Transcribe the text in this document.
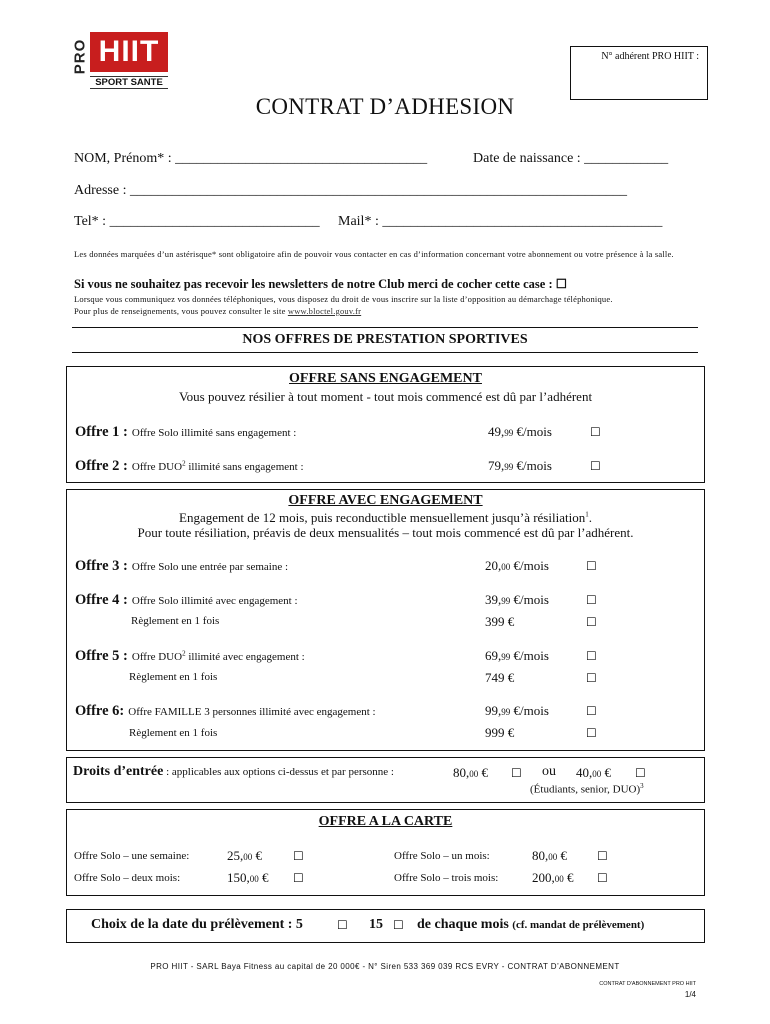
PRO HIIT
SPORT SANTE
N° adhérent PRO HIIT :
CONTRAT D’ADHESION
NOM, Prénom* : ____________________________________	Date de naissance : ____________
Adresse : _______________________________________________________________________
Tel* : ______________________________ Mail* : ________________________________________
Les données marquées d’un astérisque* sont obligatoire afin de pouvoir vous contacter en cas d’information concernant votre abonnement ou votre présence à la salle.
Si vous ne souhaitez pas recevoir les newsletters de notre Club merci de cocher cette case : ☐
Lorsque vous communiquez vos données téléphoniques, vous disposez du droit de vous inscrire sur la liste d’opposition au démarchage téléphonique.
Pour plus de renseignements, vous pouvez consulter le site www.bloctel.gouv.fr
NOS OFFRES DE PRESTATION SPORTIVES
OFFRE SANS ENGAGEMENT
Vous pouvez résilier à tout moment - tout mois commencé est dû par l’adhérent
Offre 1 : Offre Solo illimité sans engagement :	49,99 €/mois	☐
Offre 2 : Offre DUO$^2$ illimité sans engagement :	79,99 €/mois	☐
OFFRE AVEC ENGAGEMENT
Engagement de 12 mois, puis reconductible mensuellement jusqu’à résiliation$^1$.
Pour toute résiliation, préavis de deux mensualités – tout mois commencé est dû par l’adhérent.
Offre 3 : Offre Solo une entrée par semaine :	20,00 €/mois	☐
Offre 4 : Offre Solo illimité avec engagement :	39,99 €/mois	☐
Règlement en 1 fois	399 €	☐
Offre 5 : Offre DUO$^2$ illimité avec engagement :	69,99 €/mois	☐
Règlement en 1 fois	749 €	☐
Offre 6: Offre FAMILLE 3 personnes illimité avec engagement :	99,99 €/mois	☐
Règlement en 1 fois	999 €	☐
Droits d’entrée : applicables aux options ci-dessus et par personne :	80,00 € ☐ ou 40,00 € ☐
(Étudiants, senior, DUO)$^3$
OFFRE A LA CARTE
Offre Solo – une semaine:	25,00 €	☐
Offre Solo – deux mois:	150,00 € ☐
Offre Solo – un mois:	80,00 €	☐
Offre Solo – trois mois:	200,00 € ☐
Choix de la date du prélèvement : 5	☐ 15 ☐ de chaque mois (cf. mandat de prélèvement)
PRO HIIT - SARL Baya Fitness au capital de 20 000€ - N° Siren 533 369 039 RCS EVRY - CONTRAT D’ABONNEMENT
CONTRAT D'ABONNEMENT PRO HIIT
1/4
